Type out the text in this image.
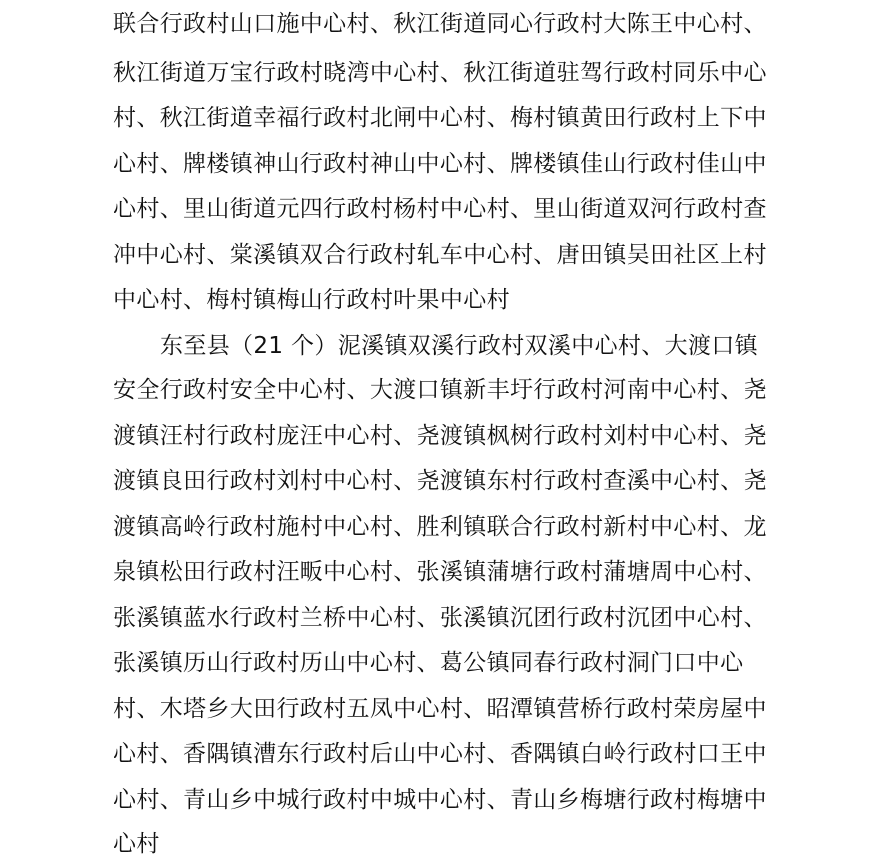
联合行政村山口施中心村、秋江街道同心行政村大陈王中心村、
秋江街道万宝行政村晓湾中心村、秋江街道驻驾行政村同乐中心
村、秋江街道幸福行政村北闸中心村、梅村镇黄田行政村上下中
心村、牌楼镇神山行政村神山中心村、牌楼镇佳山行政村佳山中
心村、里山街道元四行政村杨村中心村、里山街道双河行政村查
冲中心村、棠溪镇双合行政村轧车中心村、唐田镇吴田社区上村
中心村、梅村镇梅山行政村叶果中心村
东至县（21 个）泥溪镇双溪行政村双溪中心村、大渡口镇
安全行政村安全中心村、大渡口镇新丰圩行政村河南中心村、尧
渡镇汪村行政村庞汪中心村、尧渡镇枫树行政村刘村中心村、尧
渡镇良田行政村刘村中心村、尧渡镇东村行政村查溪中心村、尧
渡镇高岭行政村施村中心村、胜利镇联合行政村新村中心村、龙
泉镇松田行政村汪畈中心村、张溪镇蒲塘行政村蒲塘周中心村、
张溪镇蓝水行政村兰桥中心村、张溪镇沉团行政村沉团中心村、
张溪镇历山行政村历山中心村、葛公镇同春行政村洞门口中心
村、木塔乡大田行政村五凤中心村、昭潭镇营桥行政村荣房屋中
心村、香隅镇漕东行政村后山中心村、香隅镇白岭行政村口王中
心村、青山乡中城行政村中城中心村、青山乡梅塘行政村梅塘中
心村
